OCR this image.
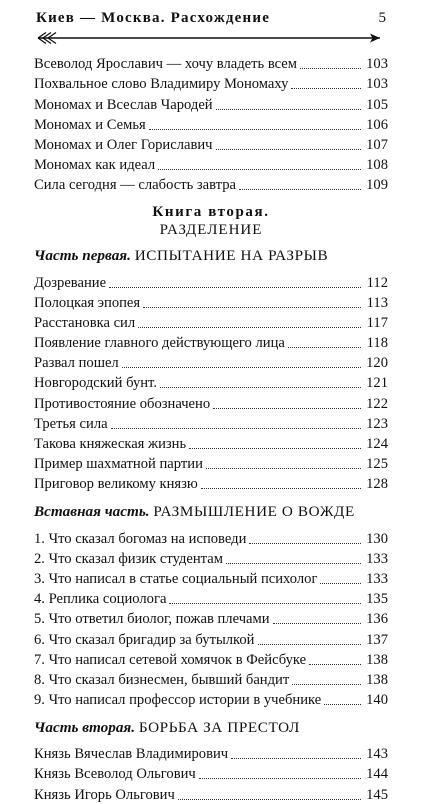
Киев — Москва. Расхождение	5
Всеволод Ярославич — хочу владеть всем	103
Похвальное слово Владимиру Мономаху	103
Мономах и Всеслав Чародей	105
Мономах и Семья	106
Мономах и Олег Гориславич	107
Мономах как идеал	108
Сила сегодня — слабость завтра	109
Книга вторая.
РАЗДЕЛЕНИЕ
Часть первая. ИСПЫТАНИЕ НА РАЗРЫВ
Дозревание	112
Полоцкая эпопея	113
Расстановка сил	117
Появление главного действующего лица	118
Развал пошел	120
Новгородский бунт.	121
Противостояние обозначено	122
Третья сила	123
Такова княжеская жизнь	124
Пример шахматной партии	125
Приговор великому князю	128
Вставная часть. РАЗМЫШЛЕНИЕ О ВОЖДЕ
1. Что сказал богомаз на исповеди	130
2. Что сказал физик студентам	133
3. Что написал в статье социальный психолог	133
4. Реплика социолога	135
5. Что ответил биолог, пожав плечами	136
6. Что сказал бригадир за бутылкой	137
7. Что написал сетевой хомячок в Фейсбуке	138
8. Что сказал бизнесмен, бывший бандит	138
9. Что написал профессор истории в учебнике	140
Часть вторая. БОРЬБА ЗА ПРЕСТОЛ
Князь Вячеслав Владимирович	143
Князь Всеволод Ольгович	144
Князь Игорь Ольгович	145
